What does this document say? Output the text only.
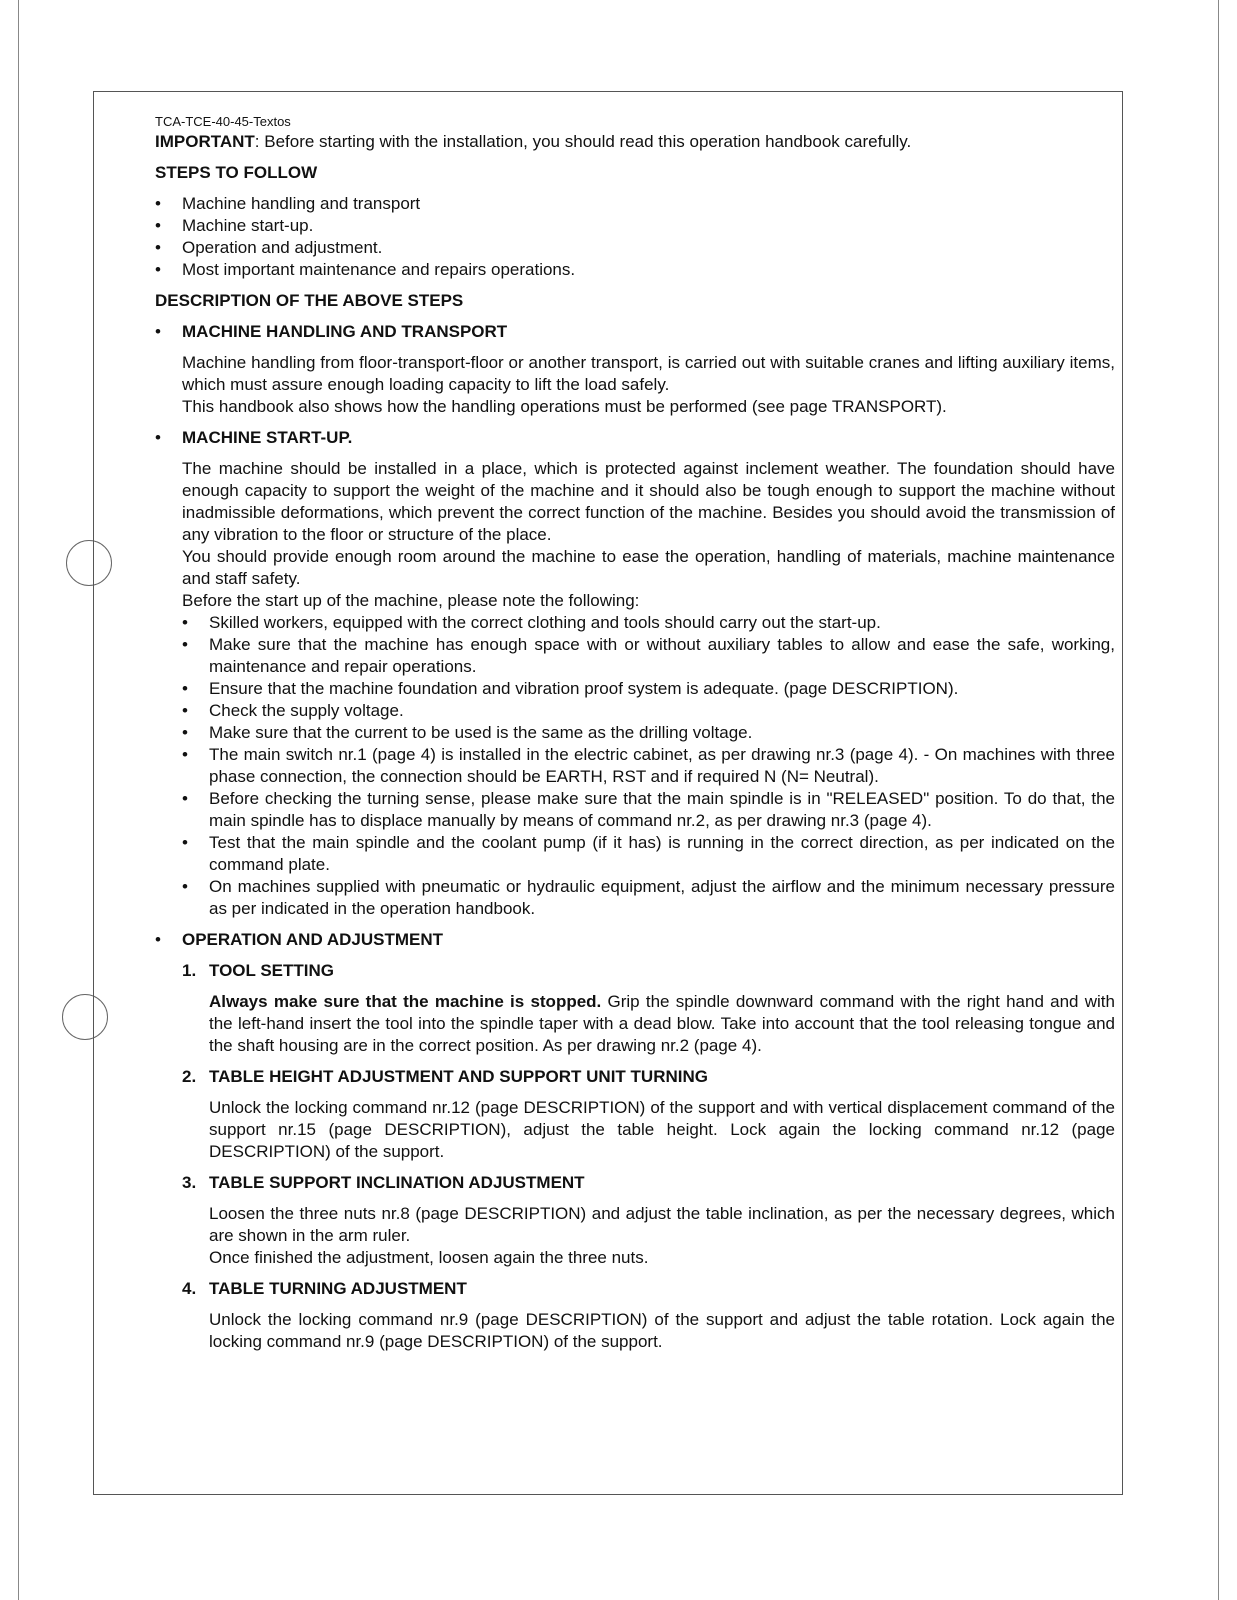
TCA-TCE-40-45-Textos

IMPORTANT: Before starting with the installation, you should read this operation handbook carefully.

STEPS TO FOLLOW
• Machine handling and transport
• Machine start-up.
• Operation and adjustment.
• Most important maintenance and repairs operations.
DESCRIPTION OF THE ABOVE STEPS
• MACHINE HANDLING AND TRANSPORT

Machine handling from floor-transport-floor or another transport, is carried out with suitable cranes and lifting auxiliary items, which must assure enough loading capacity to lift the load safely.

This handbook also shows how the handling operations must be performed (see page TRANSPORT).

• MACHINE START-UP.

The machine should be installed in a place, which is protected against inclement weather. The foundation should have enough capacity to support the weight of the machine and it should also be tough enough to support the machine without inadmissible deformations, which prevent the correct function of the machine. Besides you should avoid the transmission of any vibration to the floor or structure of the place.

You should provide enough room around the machine to ease the operation, handling of materials, machine maintenance and staff safety.

Before the start up of the machine, please note the following:

• Skilled workers, equipped with the correct clothing and tools should carry out the start-up.
• Make sure that the machine has enough space with or without auxiliary tables to allow and ease the safe, working, maintenance and repair operations.
• Ensure that the machine foundation and vibration proof system is adequate. (page DESCRIPTION).
• Check the supply voltage.
• Make sure that the current to be used is the same as the drilling voltage.
• The main switch nr.1 (page 4) is installed in the electric cabinet, as per drawing nr.3 (page 4). - On machines with three phase connection, the connection should be EARTH, RST and if required N (N= Neutral).
• Before checking the turning sense, please make sure that the main spindle is in "RELEASED" position. To do that, the main spindle has to displace manually by means of command nr.2, as per drawing nr.3 (page 4).
• Test that the main spindle and the coolant pump (if it has) is running in the correct direction, as per indicated on the command plate.
• On machines supplied with pneumatic or hydraulic equipment, adjust the airflow and the minimum necessary pressure as per indicated in the operation handbook.
• OPERATION AND ADJUSTMENT
1. TOOL SETTING

Always make sure that the machine is stopped. Grip the spindle downward command with the right hand and with the left-hand insert the tool into the spindle taper with a dead blow. Take into account that the tool releasing tongue and the shaft housing are in the correct position. As per drawing nr.2 (page 4).

2. TABLE HEIGHT ADJUSTMENT AND SUPPORT UNIT TURNING

Unlock the locking command nr.12 (page DESCRIPTION) of the support and with vertical displacement command of the support nr.15 (page DESCRIPTION), adjust the table height. Lock again the locking command nr.12 (page DESCRIPTION) of the support.

3. TABLE SUPPORT INCLINATION ADJUSTMENT

Loosen the three nuts nr.8 (page DESCRIPTION) and adjust the table inclination, as per the necessary degrees, which are shown in the arm ruler.

Once finished the adjustment, loosen again the three nuts.

4. TABLE TURNING ADJUSTMENT

Unlock the locking command nr.9 (page DESCRIPTION) of the support and adjust the table rotation. Lock again the locking command nr.9 (page DESCRIPTION) of the support.
